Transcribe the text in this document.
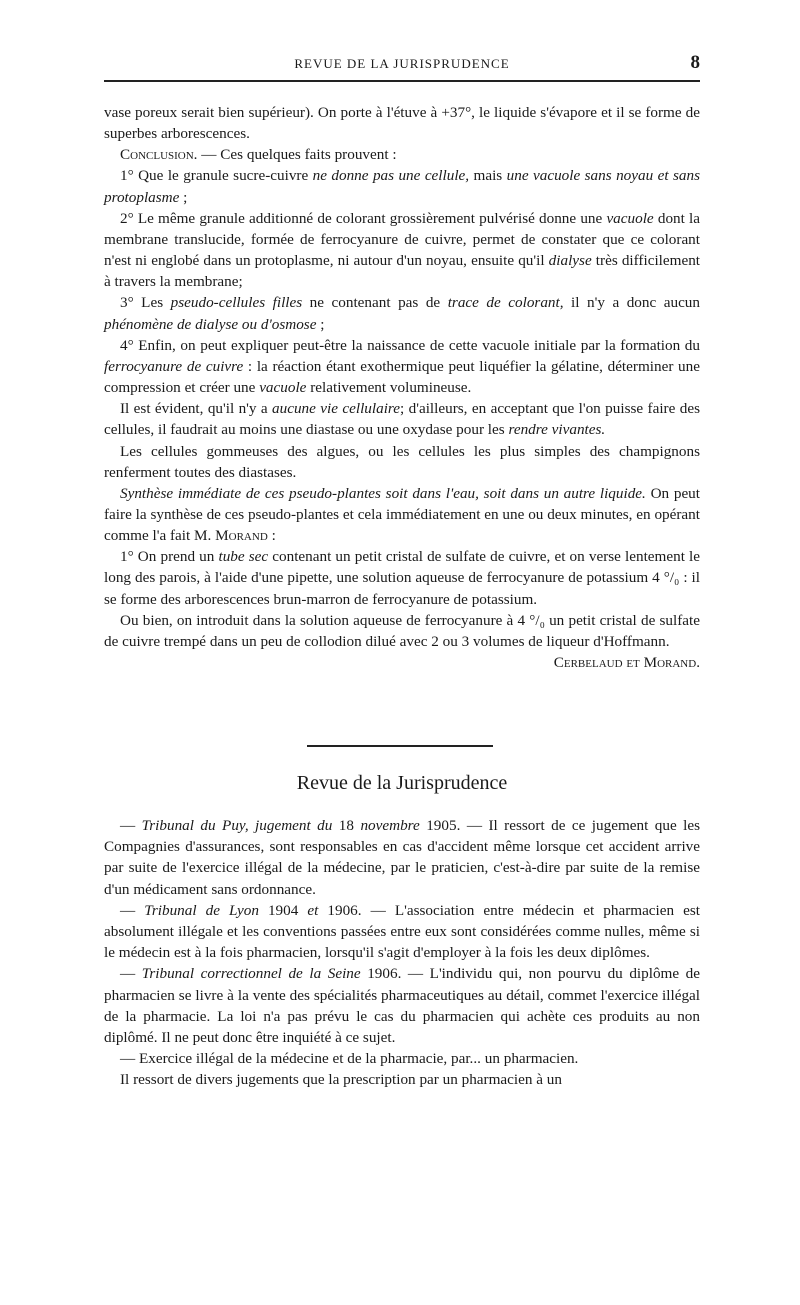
REVUE DE LA JURISPRUDENCE	8

vase poreux serait bien supérieur). On porte à l'étuve à +37°, le liquide s'évapore et il se forme de superbes arborescences.

Conclusion. — Ces quelques faits prouvent :

1° Que le granule sucre-cuivre ne donne pas une cellule, mais une vacuole sans noyau et sans protoplasme ;

2° Le même granule additionné de colorant grossièrement pulvérisé donne une vacuole dont la membrane translucide, formée de ferrocyanure de cuivre, permet de constater que ce colorant n'est ni englobé dans un protoplasme, ni autour d'un noyau, ensuite qu'il dialyse très difficilement à travers la membrane;

3° Les pseudo-cellules filles ne contenant pas de trace de colorant, il n'y a donc aucun phénomène de dialyse ou d'osmose ;

4° Enfin, on peut expliquer peut-être la naissance de cette vacuole initiale par la formation du ferrocyanure de cuivre : la réaction étant exothermique peut liquéfier la gélatine, déterminer une compression et créer une vacuole relativement volumineuse.

Il est évident, qu'il n'y a aucune vie cellulaire; d'ailleurs, en acceptant que l'on puisse faire des cellules, il faudrait au moins une diastase ou une oxydase pour les rendre vivantes.

Les cellules gommeuses des algues, ou les cellules les plus simples des champignons renferment toutes des diastases.

Synthèse immédiate de ces pseudo-plantes soit dans l'eau, soit dans un autre liquide. On peut faire la synthèse de ces pseudo-plantes et cela immédiatement en une ou deux minutes, en opérant comme l'a fait M. Morand :

1° On prend un tube sec contenant un petit cristal de sulfate de cuivre, et on verse lentement le long des parois, à l'aide d'une pipette, une solution aqueuse de ferrocyanure de potassium 4 °/₀ : il se forme des arborescences brun-marron de ferrocyanure de potassium.

Ou bien, on introduit dans la solution aqueuse de ferrocyanure à 4 °/₀ un petit cristal de sulfate de cuivre trempé dans un peu de collodion dilué avec 2 ou 3 volumes de liqueur d'Hoffmann.
Cerbelaud et Morand.

Revue de la Jurisprudence

— Tribunal du Puy, jugement du 18 novembre 1905. — Il ressort de ce jugement que les Compagnies d'assurances, sont responsables en cas d'accident même lorsque cet accident arrive par suite de l'exercice illégal de la médecine, par le praticien, c'est-à-dire par suite de la remise d'un médicament sans ordonnance.

— Tribunal de Lyon 1904 et 1906. — L'association entre médecin et pharmacien est absolument illégale et les conventions passées entre eux sont considérées comme nulles, même si le médecin est à la fois pharmacien, lorsqu'il s'agit d'employer à la fois les deux diplômes.

— Tribunal correctionnel de la Seine 1906. — L'individu qui, non pourvu du diplôme de pharmacien se livre à la vente des spécialités pharmaceutiques au détail, commet l'exercice illégal de la pharmacie. La loi n'a pas prévu le cas du pharmacien qui achète ces produits au non diplômé. Il ne peut donc être inquiété à ce sujet.

— Exercice illégal de la médecine et de la pharmacie, par... un pharmacien.

Il ressort de divers jugements que la prescription par un pharmacien à un
